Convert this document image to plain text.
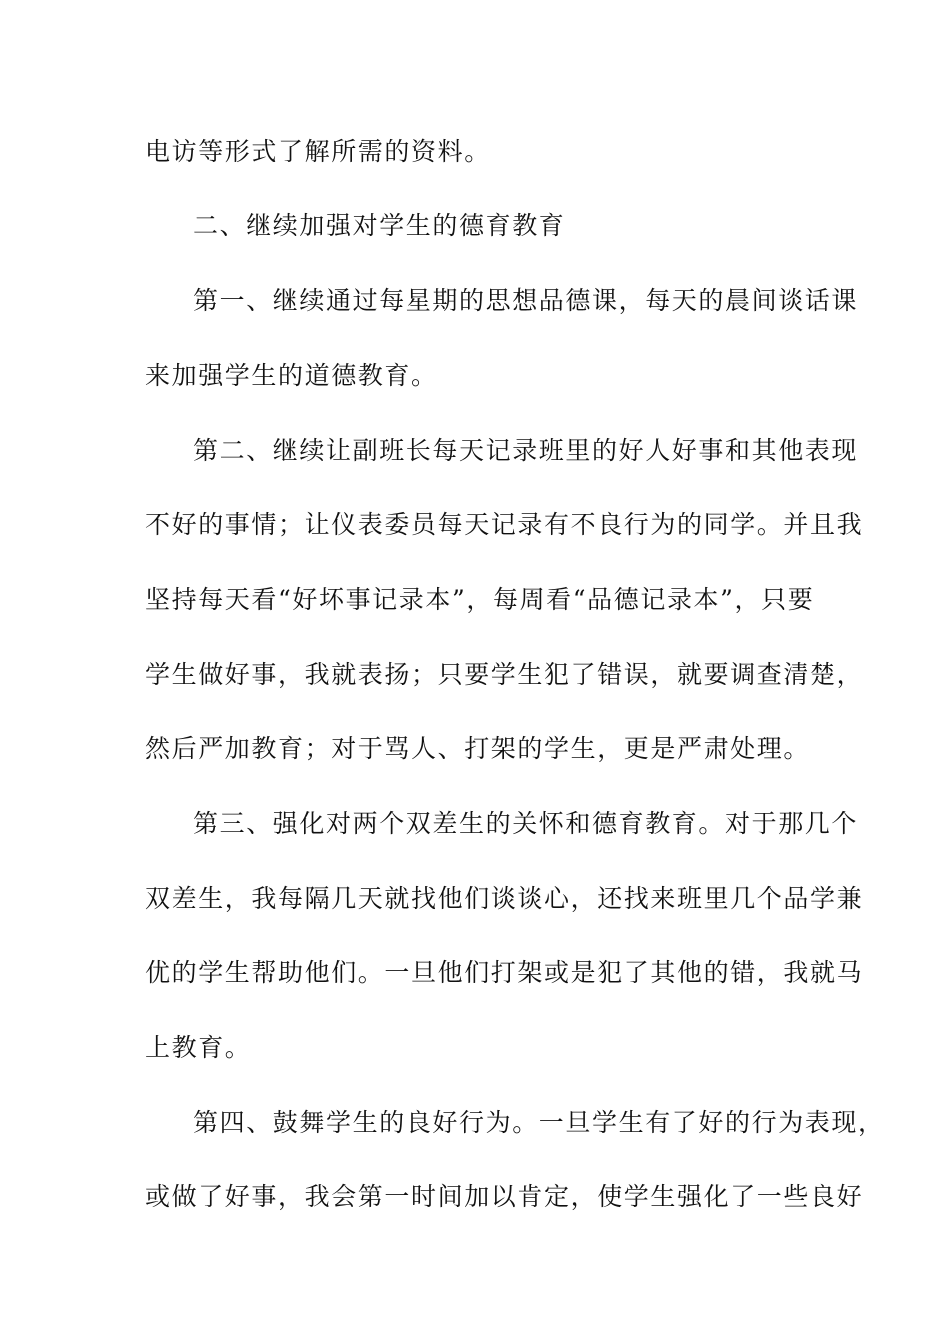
电访等形式了解所需的资料。
二、继续加强对学生的德育教育
第一、继续通过每星期的思想品德课，每天的晨间谈话课
来加强学生的道德教育。
第二、继续让副班长每天记录班里的好人好事和其他表现
不好的事情；让仪表委员每天记录有不良行为的同学。并且我
坚持每天看“好坏事记录本”，每周看“品德记录本”，只要
学生做好事，我就表扬；只要学生犯了错误，就要调查清楚，
然后严加教育；对于骂人、打架的学生，更是严肃处理。
第三、强化对两个双差生的关怀和德育教育。对于那几个
双差生，我每隔几天就找他们谈谈心，还找来班里几个品学兼
优的学生帮助他们。一旦他们打架或是犯了其他的错，我就马
上教育。
第四、鼓舞学生的良好行为。一旦学生有了好的行为表现，
或做了好事，我会第一时间加以肯定，使学生强化了一些良好
